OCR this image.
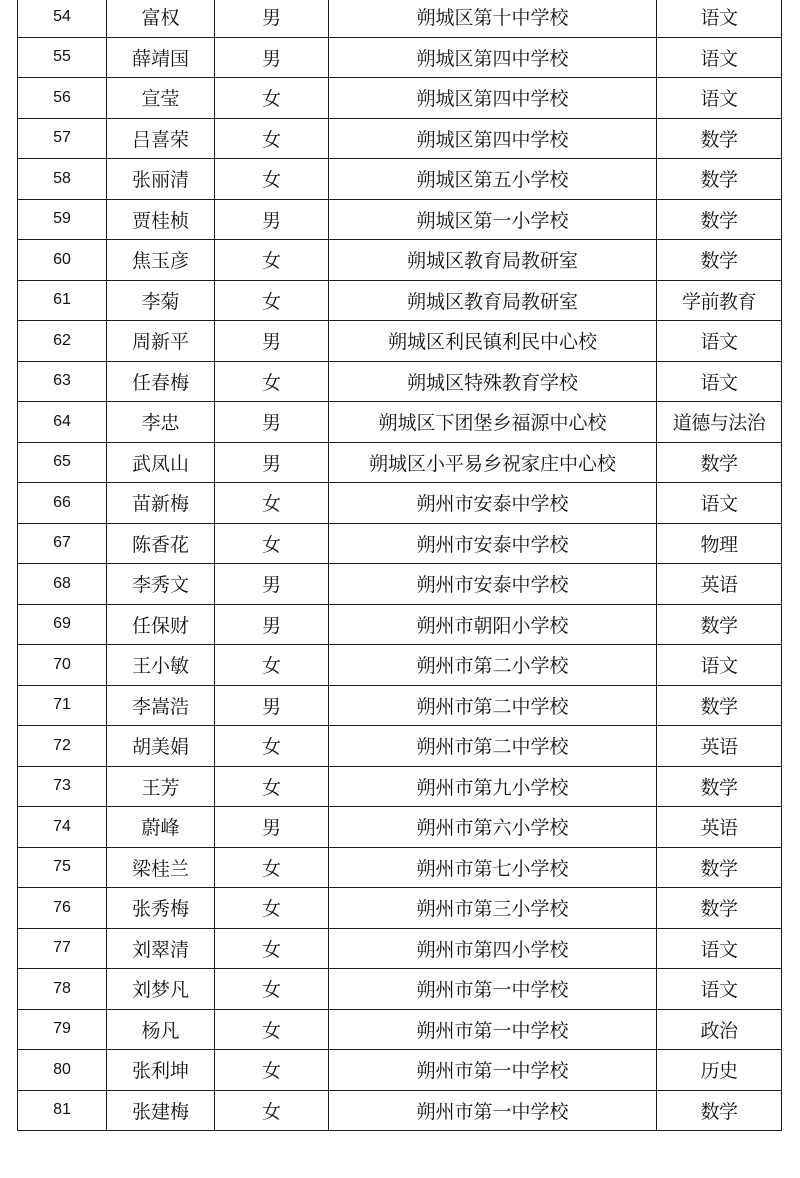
54	富权	男	朔城区第十中学校	语文
55	薛靖国	男	朔城区第四中学校	语文
56	宣莹	女	朔城区第四中学校	语文
57	吕喜荣	女	朔城区第四中学校	数学
58	张丽清	女	朔城区第五小学校	数学
59	贾桂桢	男	朔城区第一小学校	数学
60	焦玉彦	女	朔城区教育局教研室	数学
61	李菊	女	朔城区教育局教研室	学前教育
62	周新平	男	朔城区利民镇利民中心校	语文
63	任春梅	女	朔城区特殊教育学校	语文
64	李忠	男	朔城区下团堡乡福源中心校	道德与法治
65	武凤山	男	朔城区小平易乡祝家庄中心校	数学
66	苗新梅	女	朔州市安泰中学校	语文
67	陈香花	女	朔州市安泰中学校	物理
68	李秀文	男	朔州市安泰中学校	英语
69	任保财	男	朔州市朝阳小学校	数学
70	王小敏	女	朔州市第二小学校	语文
71	李嵩浩	男	朔州市第二中学校	数学
72	胡美娟	女	朔州市第二中学校	英语
73	王芳	女	朔州市第九小学校	数学
74	蔚峰	男	朔州市第六小学校	英语
75	梁桂兰	女	朔州市第七小学校	数学
76	张秀梅	女	朔州市第三小学校	数学
77	刘翠清	女	朔州市第四小学校	语文
78	刘梦凡	女	朔州市第一中学校	语文
79	杨凡	女	朔州市第一中学校	政治
80	张利坤	女	朔州市第一中学校	历史
81	张建梅	女	朔州市第一中学校	数学
